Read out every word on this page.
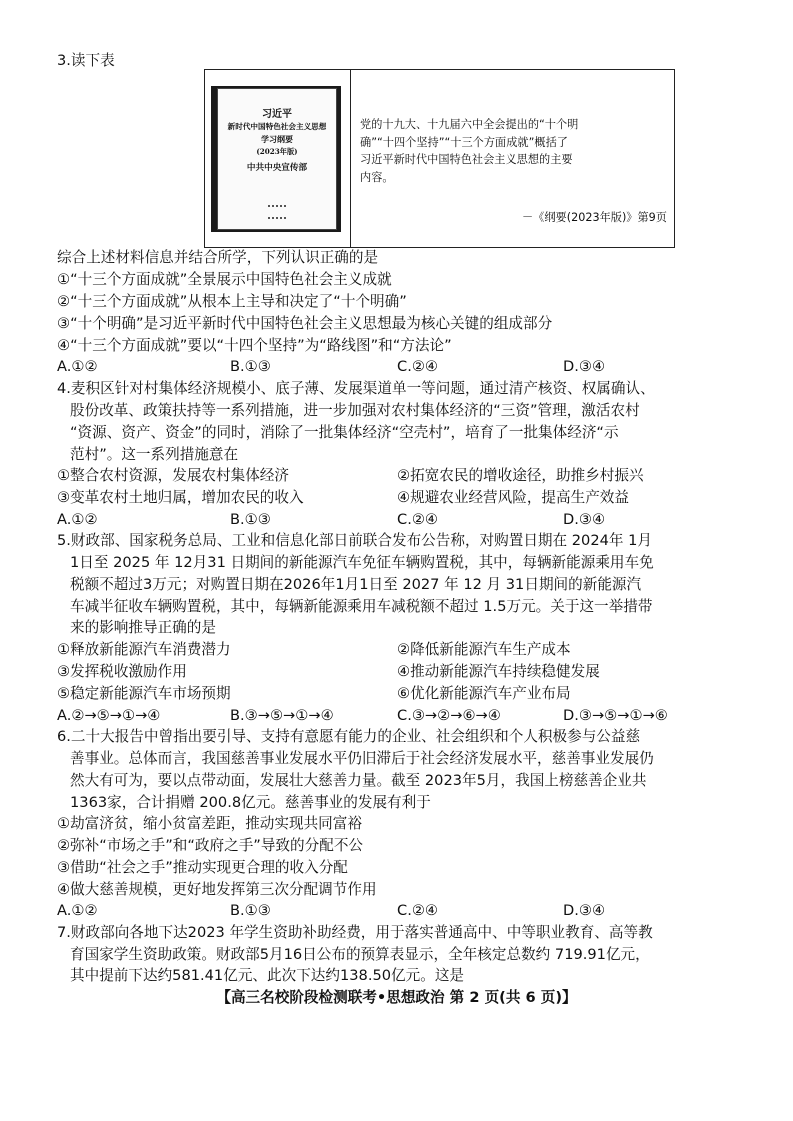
3.读下表
习近平
新时代中国特色社会主义思想
学习纲要
(2023年版)
中共中央宣传部
党的十九大、十九届六中全会提出的“十个明
确”“十四个坚持”“十三个方面成就”概括了
习近平新时代中国特色社会主义思想的主要
内容。
－《纲要(2023年版)》第9页
综合上述材料信息并结合所学，下列认识正确的是
①“十三个方面成就”全景展示中国特色社会主义成就
②“十三个方面成就”从根本上主导和决定了“十个明确”
③“十个明确”是习近平新时代中国特色社会主义思想最为核心关键的组成部分
④“十三个方面成就”要以“十四个坚持”为“路线图”和“方法论”
A.①②	B.①③	C.②④	D.③④
4.麦积区针对村集体经济规模小、底子薄、发展渠道单一等问题，通过清产核资、权属确认、
股份改革、政策扶持等一系列措施，进一步加强对农村集体经济的“三资”管理，激活农村
“资源、资产、资金”的同时，消除了一批集体经济“空壳村”，培育了一批集体经济“示
范村”。这一系列措施意在
①整合农村资源，发展农村集体经济	②拓宽农民的增收途径，助推乡村振兴
③变革农村土地归属，增加农民的收入	④规避农业经营风险，提高生产效益
A.①②	B.①③	C.②④	D.③④
5.财政部、国家税务总局、工业和信息化部日前联合发布公告称，对购置日期在 2024年 1月
1日至 2025 年 12月31 日期间的新能源汽车免征车辆购置税，其中，每辆新能源乘用车免
税额不超过3万元；对购置日期在2026年1月1日至 2027 年 12 月 31日期间的新能源汽
车减半征收车辆购置税，其中，每辆新能源乘用车减税额不超过 1.5万元。关于这一举措带
来的影响推导正确的是
①释放新能源汽车消费潜力	②降低新能源汽车生产成本
③发挥税收激励作用	④推动新能源汽车持续稳健发展
⑤稳定新能源汽车市场预期	⑥优化新能源汽车产业布局
A.②→⑤→①→④	B.③→⑤→①→④	C.③→②→⑥→④	D.③→⑤→①→⑥
6.二十大报告中曾指出要引导、支持有意愿有能力的企业、社会组织和个人积极参与公益慈
善事业。总体而言，我国慈善事业发展水平仍旧滞后于社会经济发展水平，慈善事业发展仍
然大有可为，要以点带动面，发展壮大慈善力量。截至 2023年5月，我国上榜慈善企业共
1363家，合计捐赠 200.8亿元。慈善事业的发展有利于
①劫富济贫，缩小贫富差距，推动实现共同富裕
②弥补“市场之手”和“政府之手”导致的分配不公
③借助“社会之手”推动实现更合理的收入分配
④做大慈善规模，更好地发挥第三次分配调节作用
A.①②	B.①③	C.②④	D.③④
7.财政部向各地下达2023 年学生资助补助经费，用于落实普通高中、中等职业教育、高等教
育国家学生资助政策。财政部5月16日公布的预算表显示，全年核定总数约 719.91亿元，
其中提前下达约581.41亿元、此次下达约138.50亿元。这是
【高三名校阶段检测联考•思想政治 第 2 页(共 6 页)】
